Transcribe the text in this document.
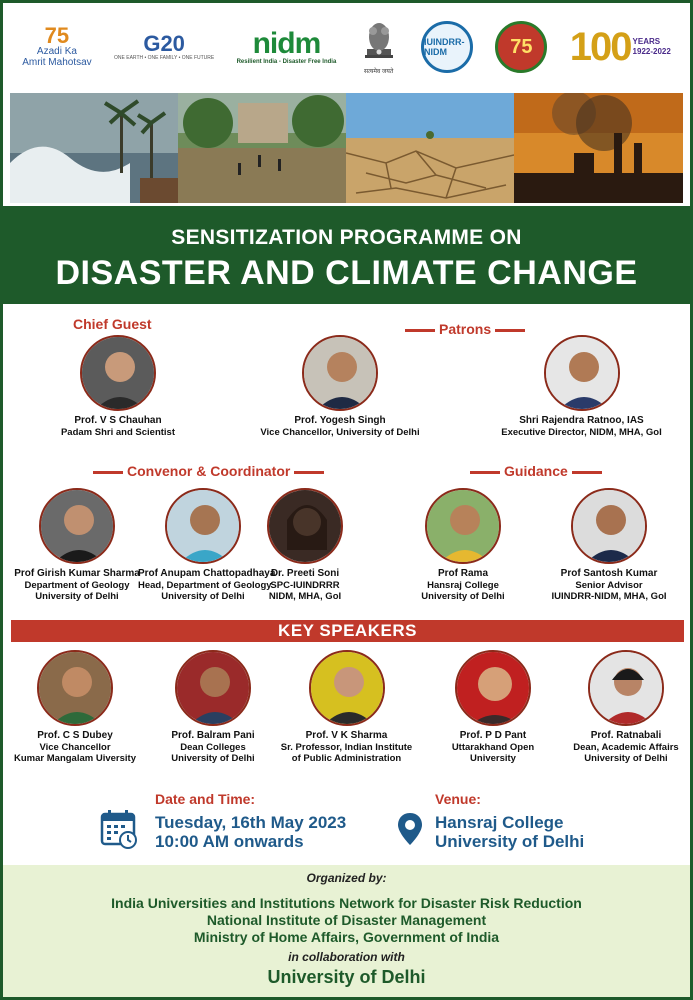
75
Azadi Ka
Amrit Mahotsav
G20
ONE EARTH • ONE FAMILY • ONE FUTURE nidm
Resilient India - Disaster Free India
सत्यमेव जयते
IUINDRR-NIDM	75 100 YEARS
1922-2022
SENSITIZATION PROGRAMME ON
DISASTER AND CLIMATE CHANGE
Chief Guest	Patrons
Prof. V S Chauhan
Padam Shri and Scientist
Prof. Yogesh Singh
Vice Chancellor, University of Delhi
Shri Rajendra Ratnoo, IAS
Executive Director, NIDM, MHA, GoI
Convenor & Coordinator	Guidance
Prof Girish Kumar Sharma
Department of Geology
University of Delhi
Prof Anupam Chattopadhaya
Head, Department of Geology
University of Delhi
Dr. Preeti Soni
SPC-IUINDRRR
NIDM, MHA, GoI
Prof Rama
Hansraj College
University of Delhi
Prof Santosh Kumar
Senior Advisor
IUINDRR-NIDM, MHA, GoI
KEY SPEAKERS
Prof. C S Dubey
Vice Chancellor
Kumar Mangalam Uiversity
Prof. Balram Pani
Dean Colleges
University of Delhi
Prof. V K Sharma
Sr. Professor, Indian Institute
of Public Administration
Prof. P D Pant
Uttarakhand Open
University
Prof. Ratnabali
Dean, Academic Affairs
University of Delhi
Date and Time:
Tuesday, 16th May 2023
10:00 AM onwards
Venue:
Hansraj College
University of Delhi
Organized by:
India Universities and Institutions Network for Disaster Risk Reduction
National Institute of Disaster Management
Ministry of Home Affairs, Government of India
in collaboration with
University of Delhi
